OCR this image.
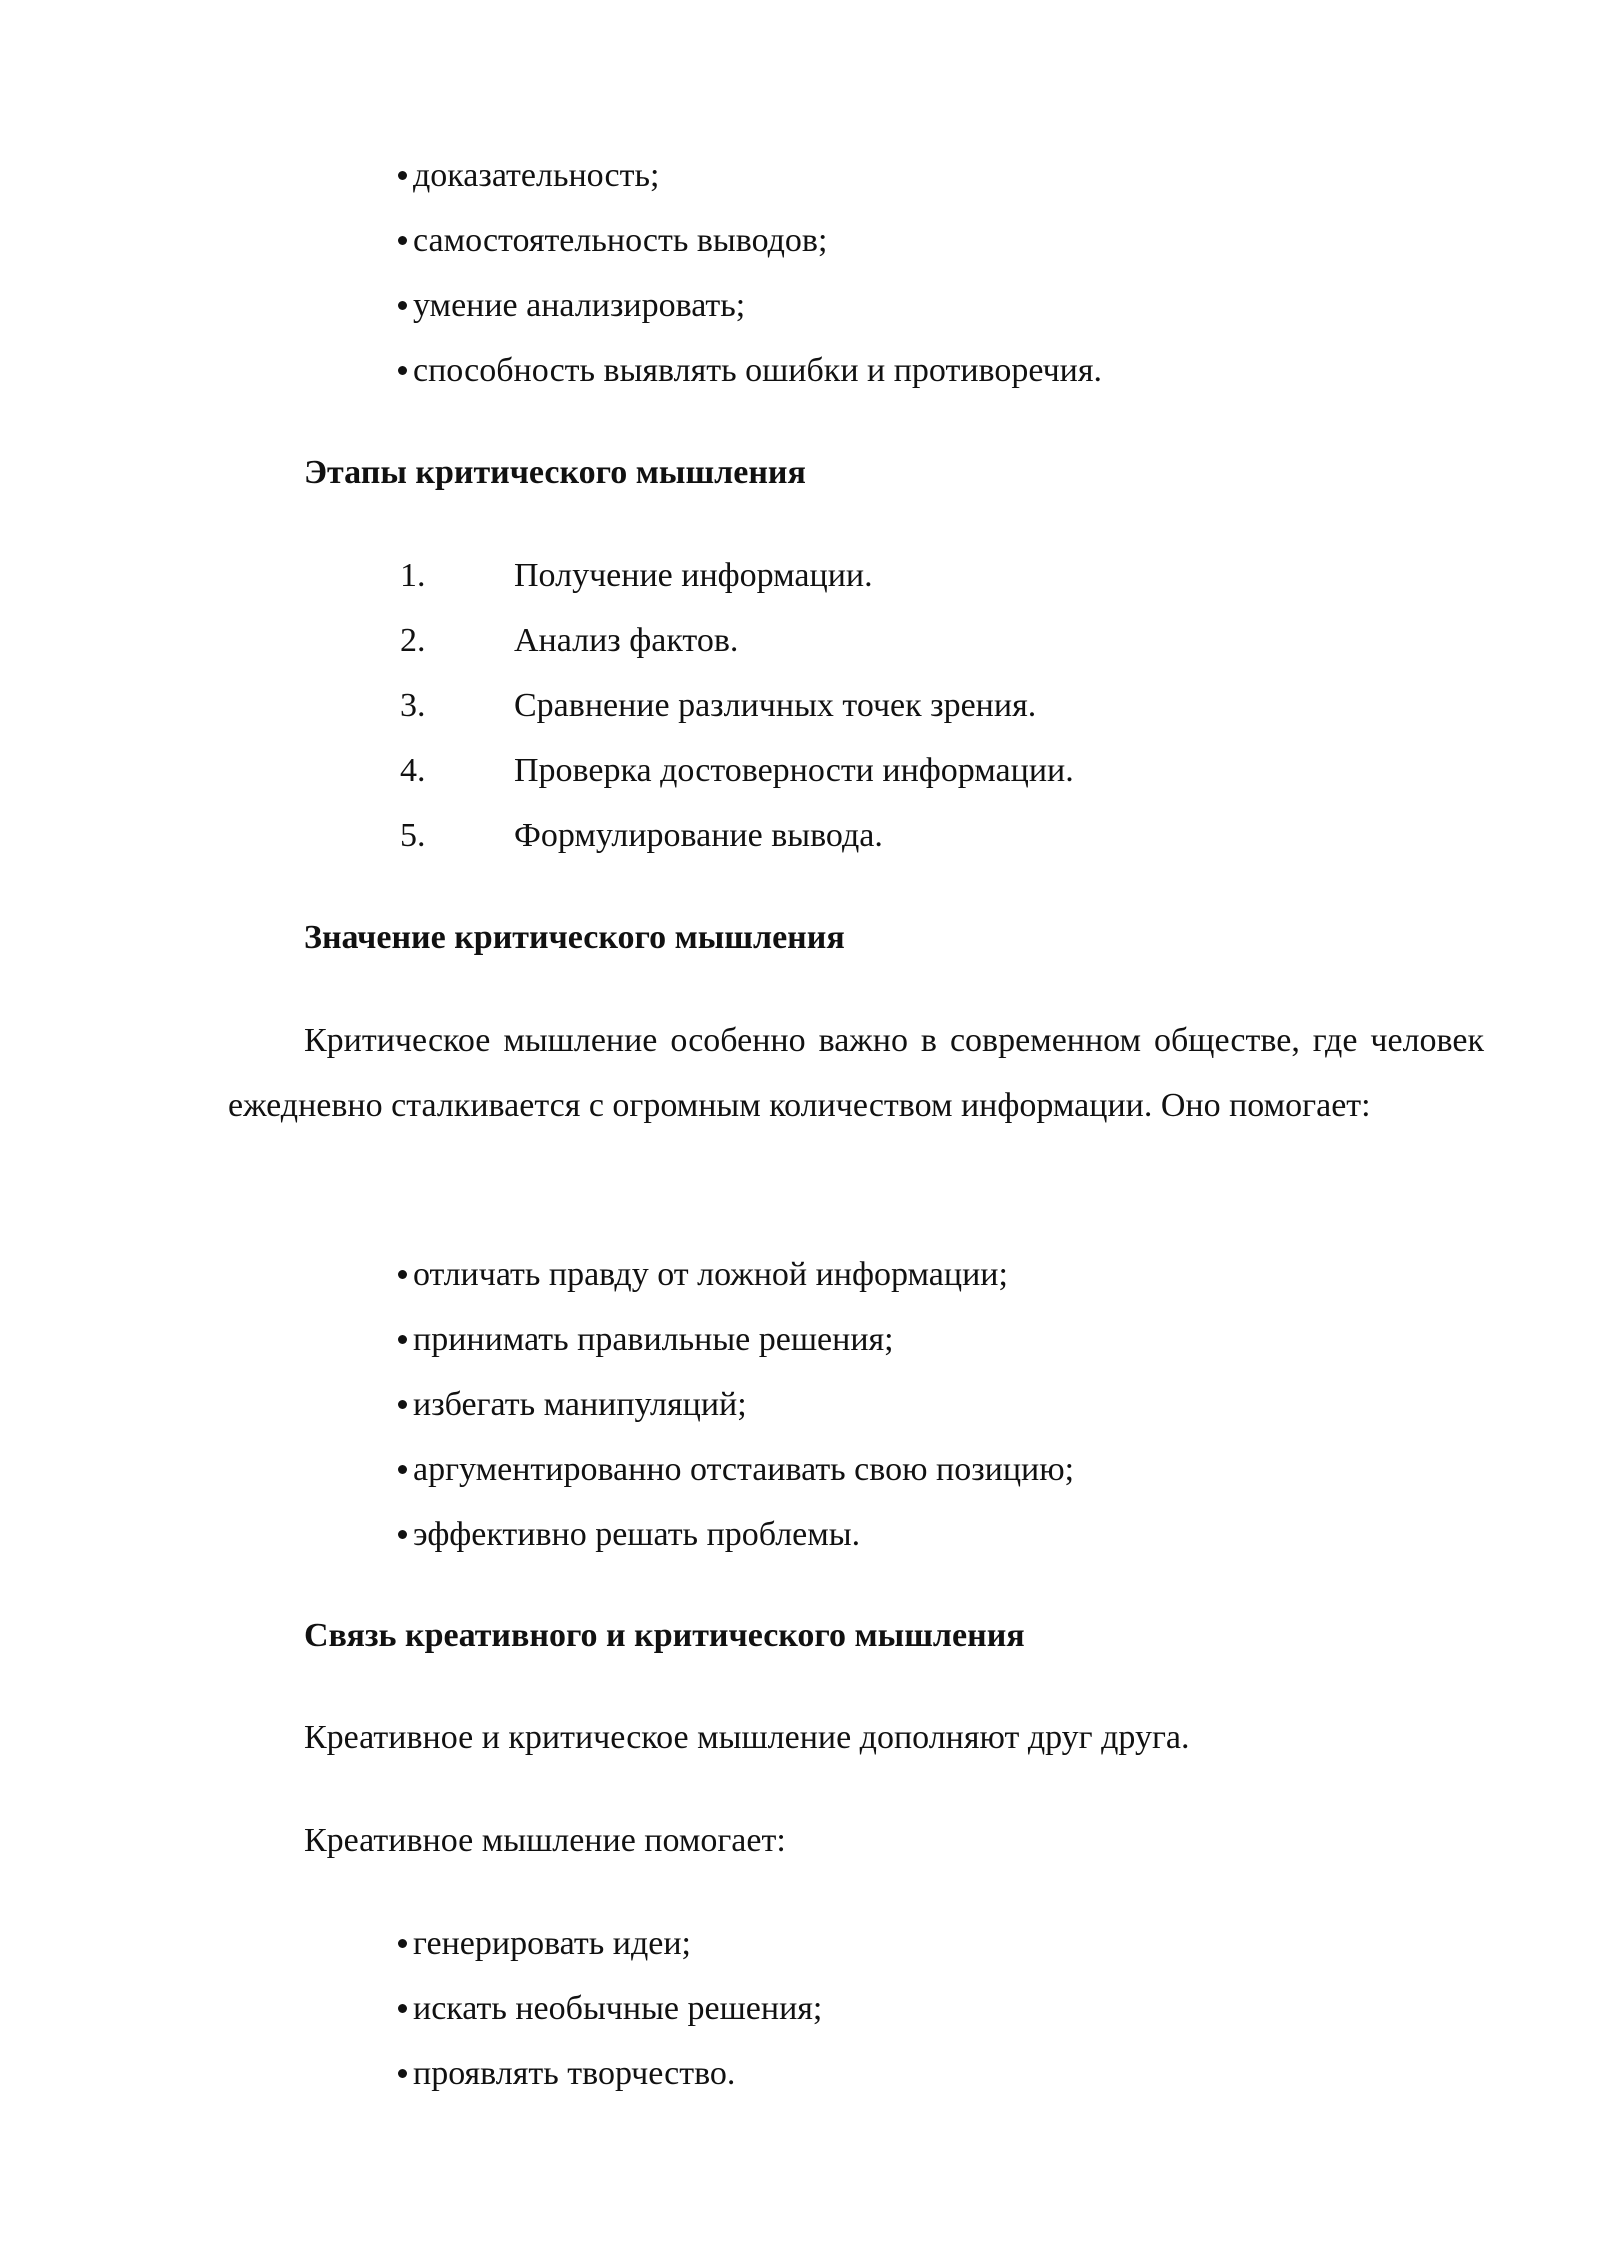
доказательность;
самостоятельность выводов;
умение анализировать;
способность выявлять ошибки и противоречия.
Этапы критического мышления
1.	Получение информации.
2.	Анализ фактов.
3.	Сравнение различных точек зрения.
4.	Проверка достоверности информации.
5.	Формулирование вывода.
Значение критического мышления
Критическое мышление особенно важно в современном обществе, где человек ежедневно сталкивается с огромным количеством информации. Оно помогает:
отличать правду от ложной информации;
принимать правильные решения;
избегать манипуляций;
аргументированно отстаивать свою позицию;
эффективно решать проблемы.
Связь креативного и критического мышления
Креативное и критическое мышление дополняют друг друга.
Креативное мышление помогает:
генерировать идеи;
искать необычные решения;
проявлять творчество.
